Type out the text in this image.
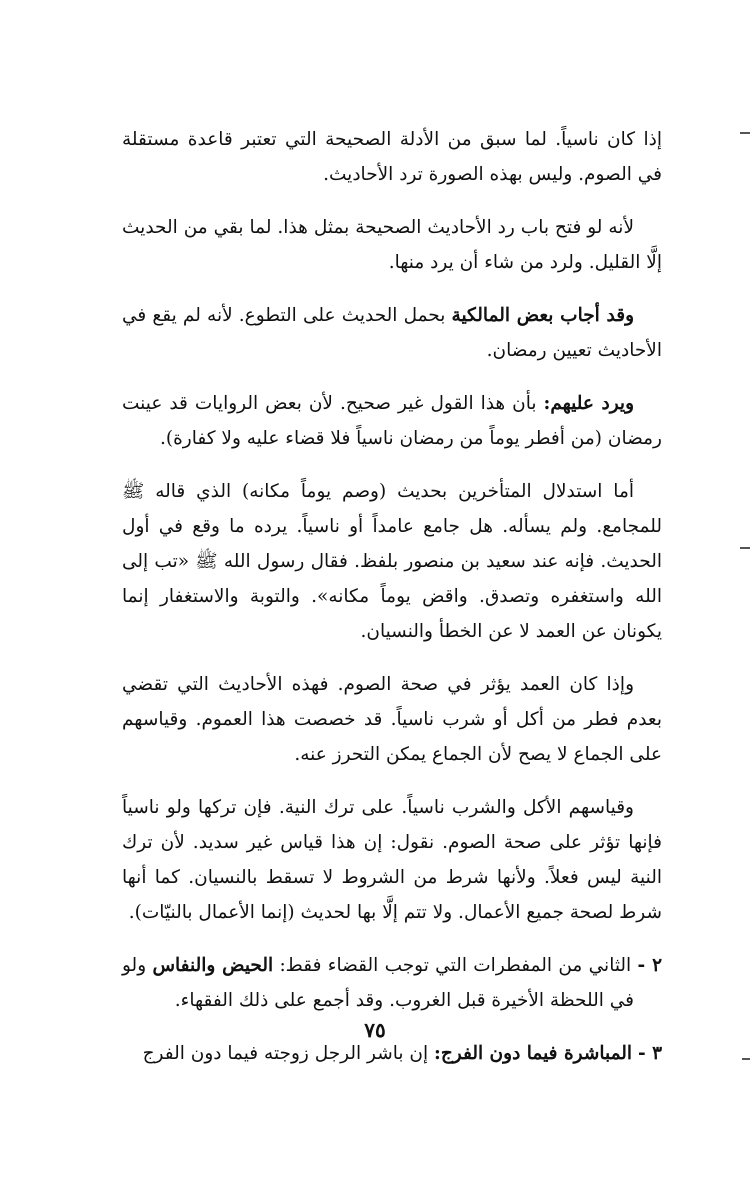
إذا كان ناسياً. لما سبق من الأدلة الصحيحة التي تعتبر قاعدة مستقلة في الصوم. وليس بهذه الصورة ترد الأحاديث.

لأنه لو فتح باب رد الأحاديث الصحيحة بمثل هذا. لما بقي من الحديث إلَّا القليل. ولرد من شاء أن يرد منها.

وقد أجاب بعض المالكية بحمل الحديث على التطوع. لأنه لم يقع في الأحاديث تعيين رمضان.

ويرد عليهم: بأن هذا القول غير صحيح. لأن بعض الروايات قد عينت رمضان (من أفطر يوماً من رمضان ناسياً فلا قضاء عليه ولا كفارة).

أما استدلال المتأخرين بحديث (وصم يوماً مكانه) الذي قاله ﷺ للمجامع. ولم يسأله. هل جامع عامداً أو ناسياً. يرده ما وقع في أول الحديث. فإنه عند سعيد بن منصور بلفظ. فقال رسول الله ﷺ «تب إلى الله واستغفره وتصدق. واقض يوماً مكانه». والتوبة والاستغفار إنما يكونان عن العمد لا عن الخطأ والنسيان.

وإذا كان العمد يؤثر في صحة الصوم. فهذه الأحاديث التي تقضي بعدم فطر من أكل أو شرب ناسياً. قد خصصت هذا العموم. وقياسهم على الجماع لا يصح لأن الجماع يمكن التحرز عنه.

وقياسهم الأكل والشرب ناسياً. على ترك النية. فإن تركها ولو ناسياً فإنها تؤثر على صحة الصوم. نقول: إن هذا قياس غير سديد. لأن ترك النية ليس فعلاً. ولأنها شرط من الشروط لا تسقط بالنسيان. كما أنها شرط لصحة جميع الأعمال. ولا تتم إلَّا بها لحديث (إنما الأعمال بالنيّات).

٢ - الثاني من المفطرات التي توجب القضاء فقط: الحيض والنفاس ولو في اللحظة الأخيرة قبل الغروب. وقد أجمع على ذلك الفقهاء.

٣ - المباشرة فيما دون الفرج: إن باشر الرجل زوجته فيما دون الفرج

٧٥
